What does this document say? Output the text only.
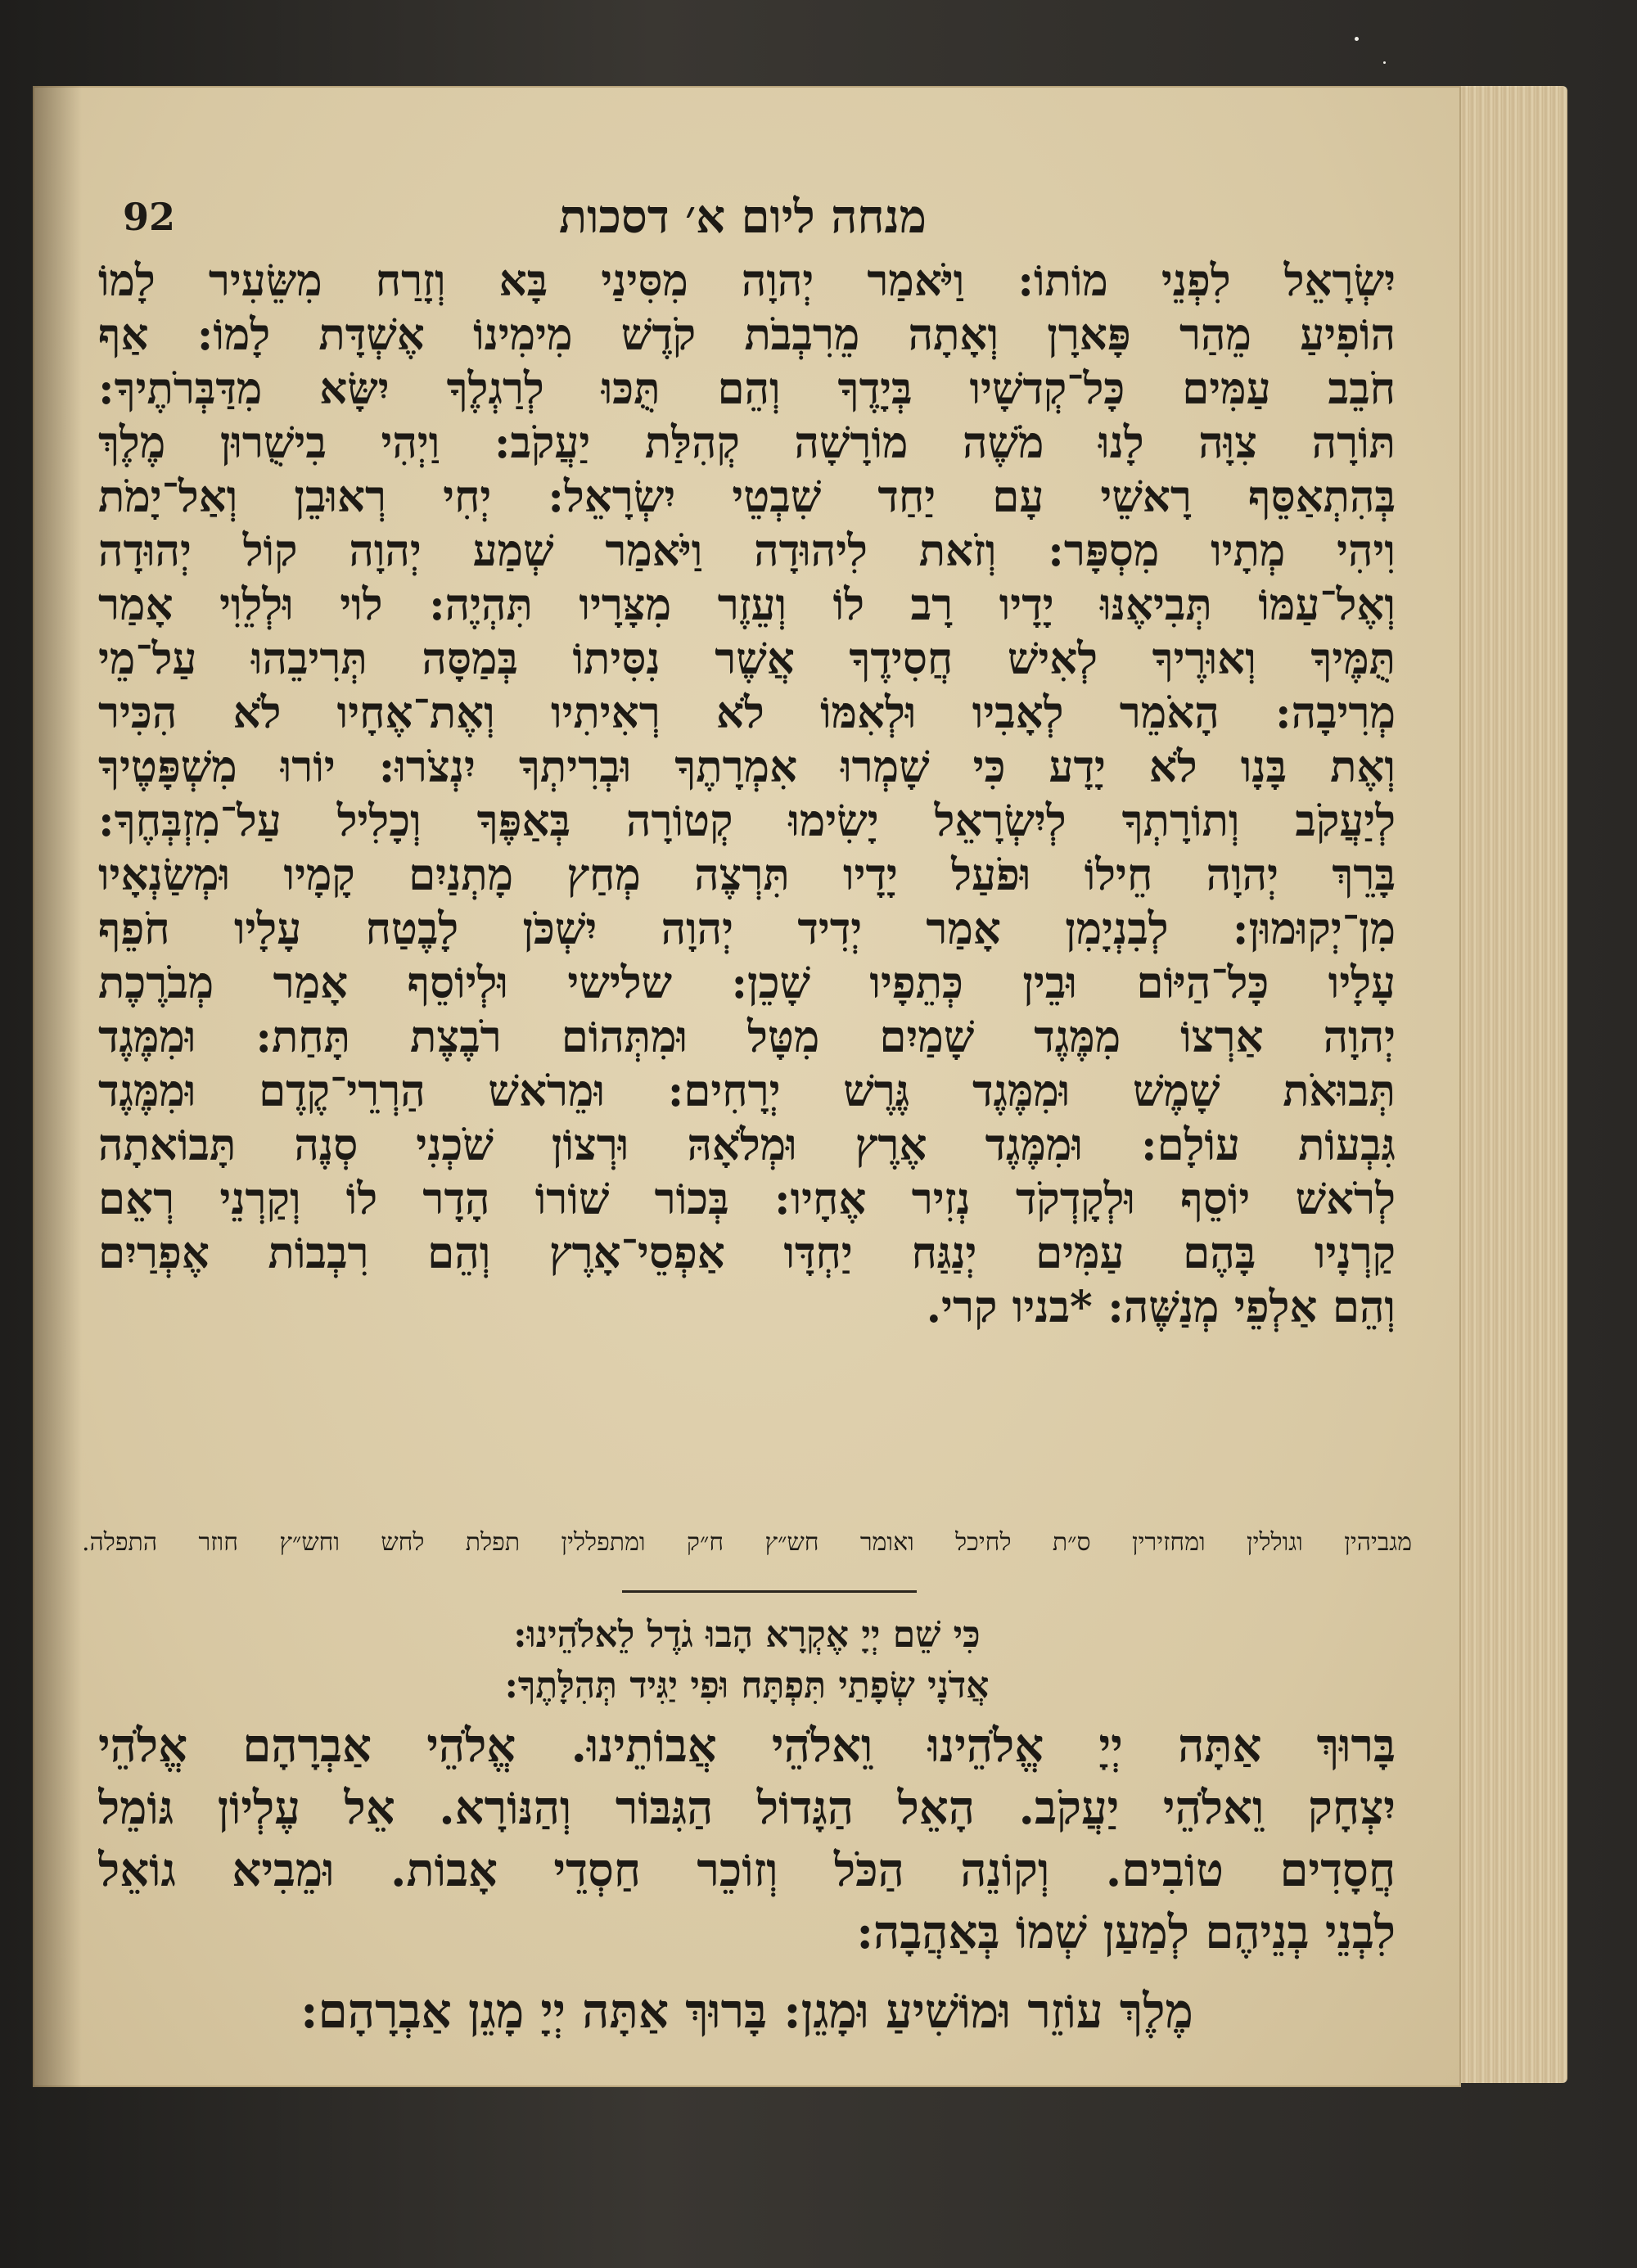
מנחה ליום א׳ דסכות
92
יִשְׂרָאֵל לִפְנֵי מוֹתוֹ: וַיֹּאמַר יְהוָה מִסִּינַי בָּא וְזָרַח מִשֵּׂעִיר לָמוֹ
הוֹפִיעַ מֵהַר פָּארָן וְאָתָה מֵרִבְבֹת קֹדֶשׁ מִימִינוֹ אֶשְׁדָּת לָמוֹ: אַף
חֹבֵב עַמִּים כָּל־קְדשָׁיו בְּיָדֶךָ וְהֵם תֻּכּוּ לְרַגְלֶךָ יִשָּׂא מִדַּבְּרֹתֶיךָ:
תּוֹרָה צִוָּה לָנוּ מֹשֶׁה מוֹרָשָׁה קְהִלַּת יַעֲקֹב: וַיְהִי בִישֻׁרוּן מֶלֶךְ
בְּהִתְאַסֵּף רָאשֵׁי עָם יַחַד שִׁבְטֵי יִשְׂרָאֵל: יְחִי רְאוּבֵן וְאַל־יָמֹת
וִיהִי מְתָיו מִסְפָּר: וְזֹאת לִיהוּדָה וַיֹּאמַר שְׁמַע יְהוָה קוֹל יְהוּדָה
וְאֶל־עַמּוֹ תְּבִיאֶנּוּ יָדָיו רָב לוֹ וְעֵזֶר מִצָּרָיו תִּהְיֶה: לוי וּלְלֵוִי אָמַר
תֻּמֶּיךָ וְאוּרֶיךָ לְאִישׁ חֲסִידֶךָ אֲשֶׁר נִסִּיתוֹ בְּמַסָּה תְּרִיבֵהוּ עַל־מֵי
מְרִיבָה: הָאֹמֵר לְאָבִיו וּלְאִמּוֹ לֹא רְאִיתִיו וְאֶת־אֶחָיו לֹא הִכִּיר
וְאֶת בָּנָו לֹא יָדָע כִּי שָׁמְרוּ אִמְרָתֶךָ וּבְרִיתְךָ יִנְצֹרוּ: יוֹרוּ מִשְׁפָּטֶיךָ
לְיַעֲקֹב וְתוֹרָתְךָ לְיִשְׂרָאֵל יָשִׂימוּ קְטוֹרָה בְּאַפֶּךָ וְכָלִיל עַל־מִזְבְּחֶךָ:
בָּרֵךְ יְהוָה חֵילוֹ וּפֹעַל יָדָיו תִּרְצֶה מְחַץ מָתְנַיִם קָמָיו וּמְשַׂנְאָיו
מִן־יְקוּמוּן: לְבִנְיָמִן אָמַר יְדִיד יְהוָה יִשְׁכֹּן לָבֶטַח עָלָיו חֹפֵף
עָלָיו כָּל־הַיּוֹם וּבֵין כְּתֵפָיו שָׁכֵן: שלישי וּלְיוֹסֵף אָמַר מְבֹרֶכֶת
יְהוָה אַרְצוֹ מִמֶּגֶד שָׁמַיִם מִטָּל וּמִתְּהוֹם רֹבֶצֶת תָּחַת: וּמִמֶּגֶד
תְּבוּאֹת שָׁמֶשׁ וּמִמֶּגֶד גֶּרֶשׁ יְרָחִים: וּמֵרֹאשׁ הַרְרֵי־קֶדֶם וּמִמֶּגֶד
גִּבְעוֹת עוֹלָם: וּמִמֶּגֶד אֶרֶץ וּמְלֹאָהּ וּרְצוֹן שֹׁכְנִי סְנֶה תָּבוֹאתָה
לְרֹאשׁ יוֹסֵף וּלְקָדְקֹד נְזִיר אֶחָיו: בְּכוֹר שׁוֹרוֹ הָדָר לוֹ וְקַרְנֵי רְאֵם
קַרְנָיו בָּהֶם עַמִּים יְנַגַּח יַחְדָּו אַפְסֵי־אָרֶץ וְהֵם רִבְבוֹת אֶפְרַיִם
וְהֵם אַלְפֵי מְנַשֶּׁה: *בניו קרי.
מגביהין וגוללין ומחזירין ס״ת לחיכל ואומר חש״ץ ח״ק ומתפללין תפלת לחש וחש״ץ חוזר התפלה.
כִּי שֵׁם יְיָ אֶקְרָא הָבוּ גֹדֶל לֵאלֹהֵינוּ:
אֲדֹנָי שְׂפָתַי תִּפְתָּח וּפִי יַגִּיד תְּהִלָּתֶךָ:
בָּרוּךְ אַתָּה יְיָ אֱלֹהֵינוּ וֵאלֹהֵי אֲבוֹתֵינוּ. אֱלֹהֵי אַבְרָהָם אֱלֹהֵי
יִצְחָק וֵאלֹהֵי יַעֲקֹב. הָאֵל הַגָּדוֹל הַגִּבּוֹר וְהַנּוֹרָא. אֵל עֶלְיוֹן גּוֹמֵל
חֲסָדִים טוֹבִים. וְקוֹנֵה הַכֹּל וְזוֹכֵר חַסְדֵי אָבוֹת. וּמֵבִיא גוֹאֵל
לִבְנֵי בְנֵיהֶם לְמַעַן שְׁמוֹ בְּאַהֲבָה:
מֶלֶךְ עוֹזֵר וּמוֹשִׁיעַ וּמָגֵן: בָּרוּךְ אַתָּה יְיָ מָגֵן אַבְרָהָם:
